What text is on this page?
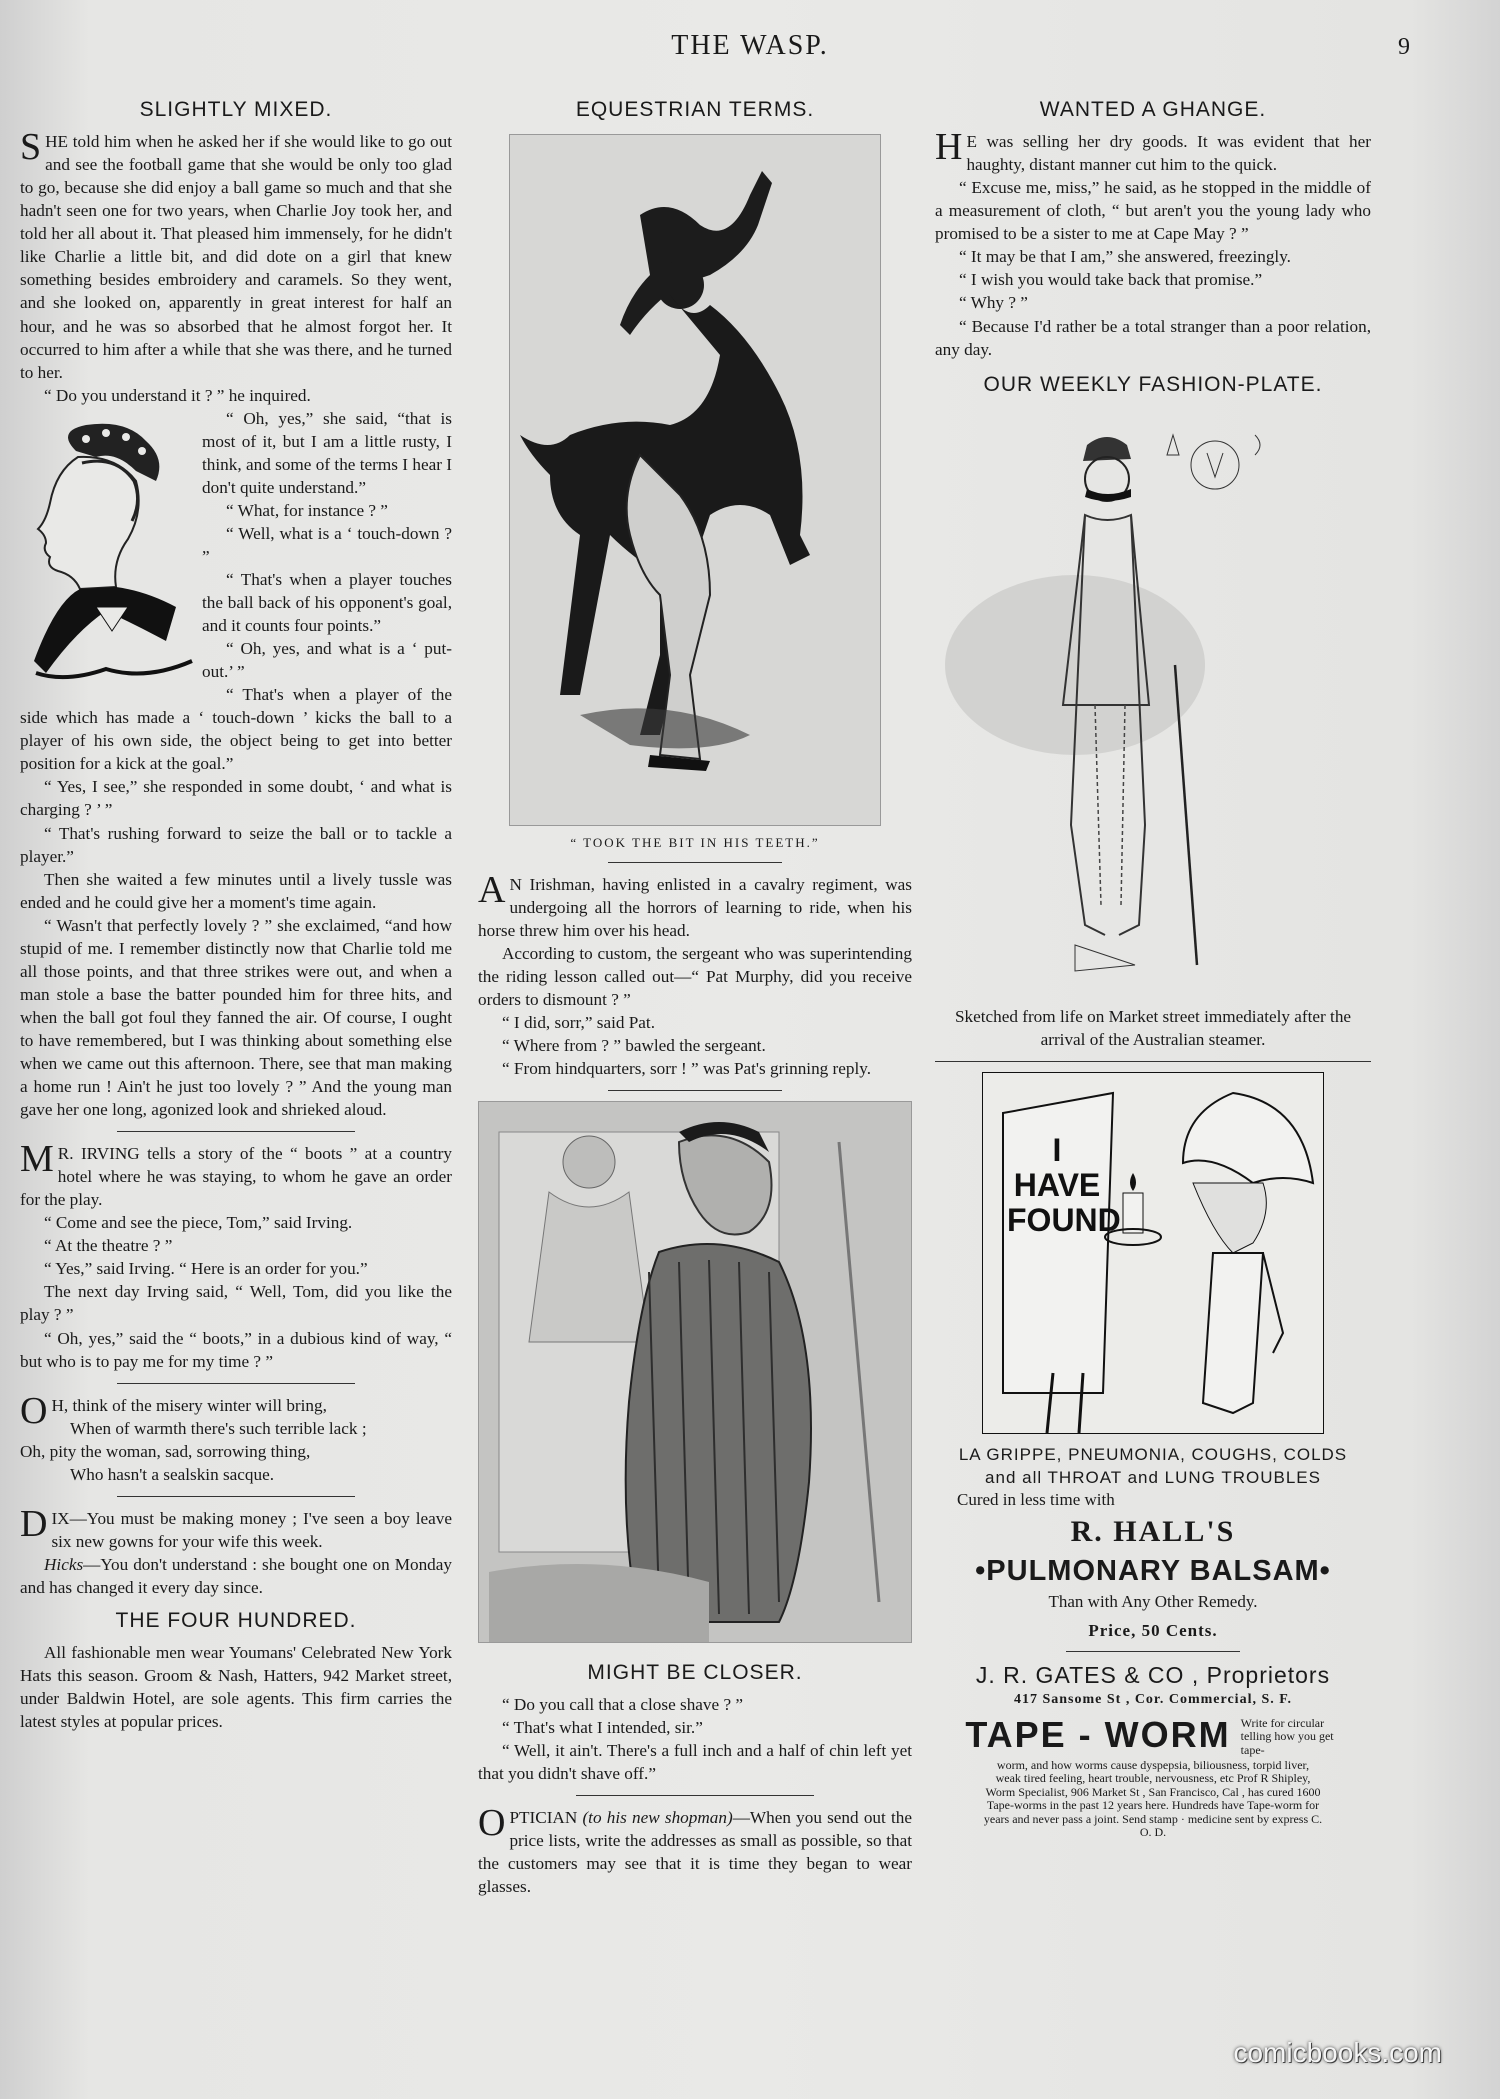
THE WASP.	9
SLIGHTLY MIXED.

SHE told him when he asked her if she would like to go out and see the football game that she would be only too glad to go, because she did enjoy a ball game so much and that she hadn't seen one for two years, when Charlie Joy took her, and told her all about it. That pleased him immensely, for he didn't like Charlie a little bit, and did dote on a girl that knew something besides embroidery and caramels. So they went, and she looked on, apparently in great interest for half an hour, and he was so absorbed that he almost forgot her. It occurred to him after a while that she was there, and he turned to her.

“ Do you understand it ? ” he inquired.

“ Oh, yes,” she said, “that is most of it, but I am a little rusty, I think, and some of the terms I hear I don't quite understand.”

“ What, for instance ? ”

“ Well, what is a ‘ touch-down ? ”

“ That's when a player touches the ball back of his opponent's goal, and it counts four points.”

“ Oh, yes, and what is a ‘ put-out.’ ”

“ That's when a player of the side which has made a ‘ touch-down ’ kicks the ball to a player of his own side, the object being to get into better position for a kick at the goal.”

“ Yes, I see,” she responded in some doubt, ‘ and what is charging ? ’ ”

“ That's rushing forward to seize the ball or to tackle a player.”

Then she waited a few minutes until a lively tussle was ended and he could give her a moment's time again.

“ Wasn't that perfectly lovely ? ” she exclaimed, “and how stupid of me. I remember distinctly now that Charlie told me all those points, and that three strikes were out, and when a man stole a base the batter pounded him for three hits, and when the ball got foul they fanned the air. Of course, I ought to have remembered, but I was thinking about something else when we came out this afternoon. There, see that man making a home run ! Ain't he just too lovely ? ” And the young man gave her one long, agonized look and shrieked aloud.

M R. IRVING tells a story of the “ boots ” at a country hotel where he was staying, to whom he gave an order for the play.

“ Come and see the piece, Tom,” said Irving.

“ At the theatre ? ”

“ Yes,” said Irving. “ Here is an order for you.”

The next day Irving said, “ Well, Tom, did you like the play ? ”

“ Oh, yes,” said the “ boots,” in a dubious kind of way, “ but who is to pay me for my time ? ”

O H, think of the misery winter will bring,

When of warmth there's such terrible lack ;

Oh, pity the woman, sad, sorrowing thing,

Who hasn't a sealskin sacque.

DIX—You must be making money ; I've seen a boy leave six new gowns for your wife this week.

Hicks—You don't understand : she bought one on Monday and has changed it every day since.

THE FOUR HUNDRED.

All fashionable men wear Youmans' Celebrated New York Hats this season. Groom & Nash, Hatters, 942 Market street, under Baldwin Hotel, are sole agents. This firm carries the latest styles at popular prices.

EQUESTRIAN TERMS.
“ TOOK THE BIT IN HIS TEETH.”

A N Irishman, having enlisted in a cavalry regiment, was undergoing all the horrors of learning to ride, when his horse threw him over his head.

According to custom, the sergeant who was superintending the riding lesson called out—“ Pat Murphy, did you receive orders to dismount ? ”

“ I did, sorr,” said Pat.

“ Where from ? ” bawled the sergeant.

“ From hindquarters, sorr ! ” was Pat's grinning reply.

MIGHT BE CLOSER.

“ Do you call that a close shave ? ”

“ That's what I intended, sir.”

“ Well, it ain't. There's a full inch and a half of chin left yet that you didn't shave off.”

OPTICIAN (to his new shopman)—When you send out the price lists, write the addresses as small as possible, so that the customers may see that it is time they began to wear glasses.

WANTED A GHANGE.

H E was selling her dry goods. It was evident that her haughty, distant manner cut him to the quick.

“ Excuse me, miss,” he said, as he stopped in the middle of a measurement of cloth, “ but aren't you the young lady who promised to be a sister to me at Cape May ? ”

“ It may be that I am,” she answered, freezingly.

“ I wish you would take back that promise.”

“ Why ? ”

“ Because I'd rather be a total stranger than a poor relation, any day.

OUR WEEKLY FASHION-PLATE.

Sketched from life on Market street immediately after the arrival of the Australian steamer.

I
HAVE
FOUND
LA GRIPPE, PNEUMONIA, COUGHS, COLDS
and all THROAT and LUNG TROUBLES
Cured in less time with
R. HALL'S
•PULMONARY BALSAM•
Than with Any Other Remedy.
Price, 50 Cents.
J. R. GATES & CO , Proprietors
417 Sansome St , Cor. Commercial, S. F.
TAPE - WORM Write for circular telling how you get tape-
worm, and how worms cause dyspepsia, biliousness, torpid liver, weak tired feeling, heart trouble, nervousness, etc Prof R Shipley, Worm Specialist, 906 Market St , San Francisco, Cal , has cured 1600 Tape-worms in the past 12 years here. Hundreds have Tape-worm for years and never pass a joint. Send stamp · medicine sent by express C. O. D.
comicbooks.com
